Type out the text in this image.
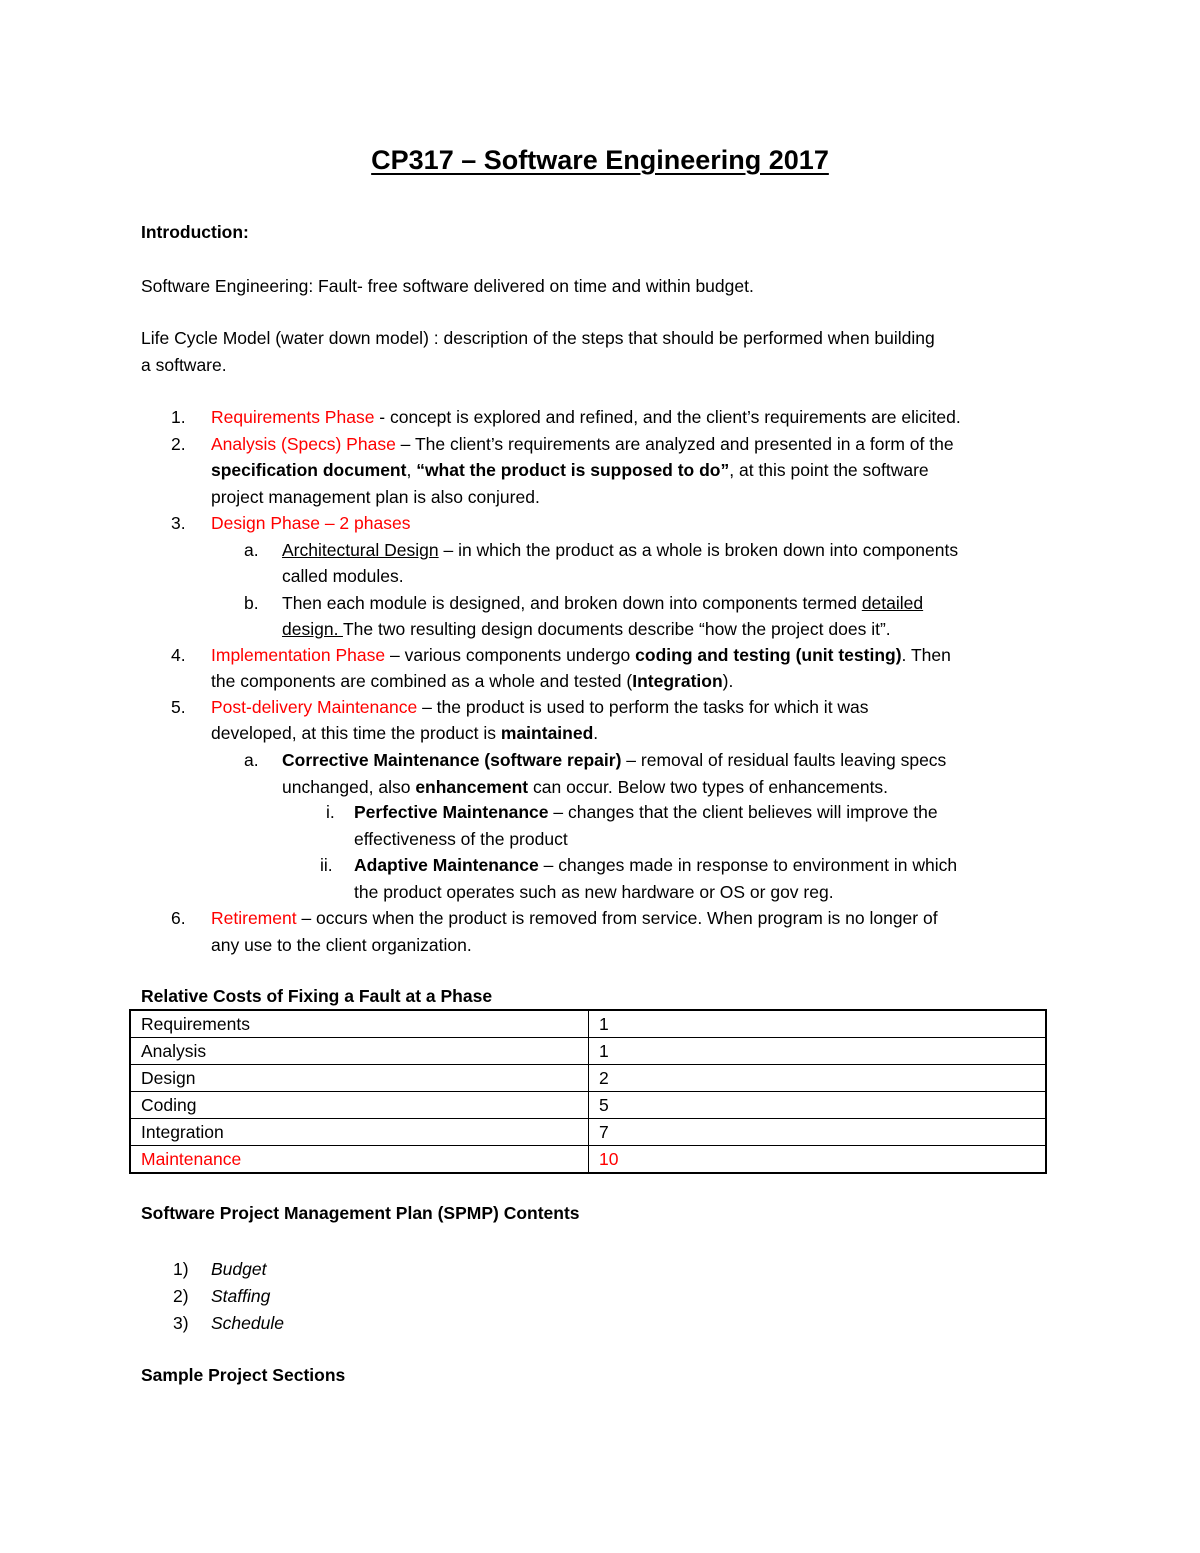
CP317 – Software Engineering 2017
Introduction:
Software Engineering: Fault- free software delivered on time and within budget.
Life Cycle Model (water down model) : description of the steps that should be performed when building
a software.
1. Requirements Phase - concept is explored and refined, and the client’s requirements are elicited.
2. Analysis (Specs) Phase – The client’s requirements are analyzed and presented in a form of the
specification document, “what the product is supposed to do”, at this point the software
project management plan is also conjured.
3. Design Phase – 2 phases
a. Architectural Design – in which the product as a whole is broken down into components
called modules.
b. Then each module is designed, and broken down into components termed detailed
design. The two resulting design documents describe “how the project does it”.
4. Implementation Phase – various components undergo coding and testing (unit testing). Then
the components are combined as a whole and tested (Integration).
5. Post-delivery Maintenance – the product is used to perform the tasks for which it was
developed, at this time the product is maintained.
a. Corrective Maintenance (software repair) – removal of residual faults leaving specs
unchanged, also enhancement can occur. Below two types of enhancements.
i. Perfective Maintenance – changes that the client believes will improve the
effectiveness of the product
ii. Adaptive Maintenance – changes made in response to environment in which
the product operates such as new hardware or OS or gov reg.
6. Retirement – occurs when the product is removed from service. When program is no longer of
any use to the client organization.
Relative Costs of Fixing a Fault at a Phase
Requirements	1
Analysis	1
Design	2
Coding	5
Integration	7
Maintenance	10
Software Project Management Plan (SPMP) Contents
1) Budget
2) Staffing
3) Schedule
Sample Project Sections
